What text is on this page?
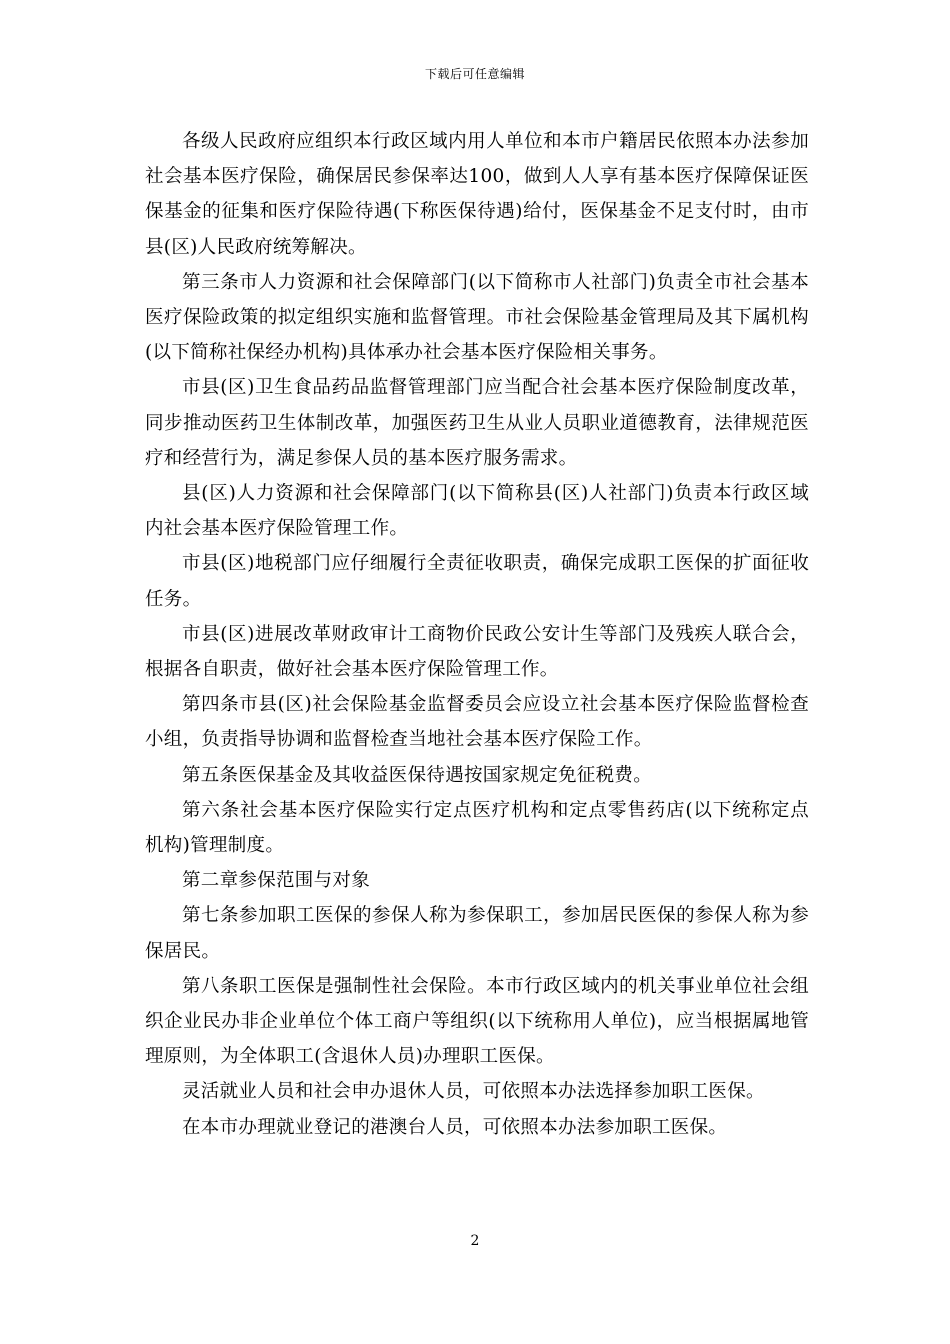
下载后可任意编辑

各级人民政府应组织本行政区域内用人单位和本市户籍居民依照本办法参加社会基本医疗保险，确保居民参保率达100，做到人人享有基本医疗保障保证医保基金的征集和医疗保险待遇(下称医保待遇)给付，医保基金不足支付时，由市县(区)人民政府统筹解决。

第三条市人力资源和社会保障部门(以下简称市人社部门)负责全市社会基本医疗保险政策的拟定组织实施和监督管理。市社会保险基金管理局及其下属机构(以下简称社保经办机构)具体承办社会基本医疗保险相关事务。

市县(区)卫生食品药品监督管理部门应当配合社会基本医疗保险制度改革，同步推动医药卫生体制改革，加强医药卫生从业人员职业道德教育，法律规范医疗和经营行为，满足参保人员的基本医疗服务需求。

县(区)人力资源和社会保障部门(以下简称县(区)人社部门)负责本行政区域内社会基本医疗保险管理工作。

市县(区)地税部门应仔细履行全责征收职责，确保完成职工医保的扩面征收任务。

市县(区)进展改革财政审计工商物价民政公安计生等部门及残疾人联合会，根据各自职责，做好社会基本医疗保险管理工作。

第四条市县(区)社会保险基金监督委员会应设立社会基本医疗保险监督检查小组，负责指导协调和监督检查当地社会基本医疗保险工作。

第五条医保基金及其收益医保待遇按国家规定免征税费。

第六条社会基本医疗保险实行定点医疗机构和定点零售药店(以下统称定点机构)管理制度。

第二章参保范围与对象

第七条参加职工医保的参保人称为参保职工，参加居民医保的参保人称为参保居民。

第八条职工医保是强制性社会保险。本市行政区域内的机关事业单位社会组织企业民办非企业单位个体工商户等组织(以下统称用人单位)，应当根据属地管理原则，为全体职工(含退休人员)办理职工医保。

灵活就业人员和社会申办退休人员，可依照本办法选择参加职工医保。

在本市办理就业登记的港澳台人员，可依照本办法参加职工医保。

2
